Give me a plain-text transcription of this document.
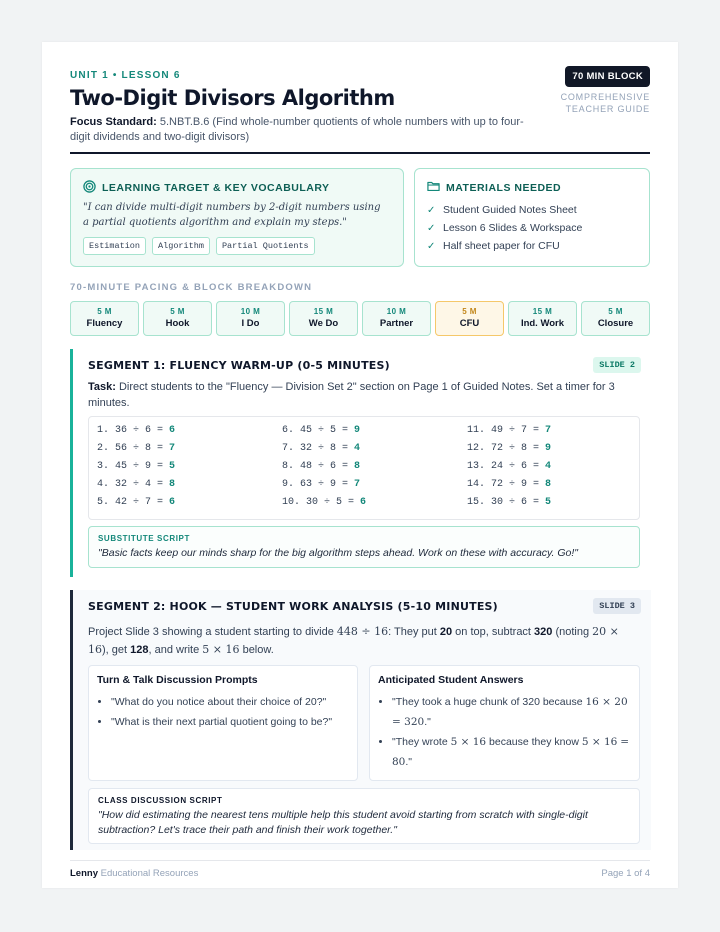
UNIT 1 • LESSON 6
Two-Digit Divisors Algorithm
Focus Standard: 5.NBT.B.6 (Find whole-number quotients of whole numbers with up to four-digit dividends and two-digit divisors)
70 MIN BLOCK
COMPREHENSIVE
TEACHER GUIDE
LEARNING TARGET & KEY VOCABULARY
"I can divide multi-digit numbers by 2-digit numbers using a partial quotients algorithm and explain my steps."
Estimation	Algorithm	Partial Quotients
MATERIALS NEEDED
✓ Student Guided Notes Sheet
✓ Lesson 6 Slides & Workspace
✓ Half sheet paper for CFU
70-MINUTE PACING & BLOCK BREAKDOWN
5 M
Fluency
5 M
Hook
10 M
I Do
15 M
We Do
10 M
Partner
5 M
CFU
15 M
Ind. Work
5 M
Closure
SEGMENT 1: FLUENCY WARM-UP (0-5 MINUTES)	SLIDE 2
Task: Direct students to the "Fluency — Division Set 2" section on Page 1 of Guided Notes. Set a timer for 3 minutes.
1. 36 ÷ 6 = 6
2. 56 ÷ 8 = 7
3. 45 ÷ 9 = 5
4. 32 ÷ 4 = 8
5. 42 ÷ 7 = 6
6. 45 ÷ 5 = 9
7. 32 ÷ 8 = 4
8. 48 ÷ 6 = 8
9. 63 ÷ 9 = 7
10. 30 ÷ 5 = 6
11. 49 ÷ 7 = 7
12. 72 ÷ 8 = 9
13. 24 ÷ 6 = 4
14. 72 ÷ 9 = 8
15. 30 ÷ 6 = 5
SUBSTITUTE SCRIPT
"Basic facts keep our minds sharp for the big algorithm steps ahead. Work on these with accuracy. Go!"
SEGMENT 2: HOOK — STUDENT WORK ANALYSIS (5-10 MINUTES)	SLIDE 3
Project Slide 3 showing a student starting to divide 448 ÷ 16: They put 20 on top, subtract 320 (noting 20 × 16), get 128, and write 5 × 16 below.
Turn & Talk Discussion Prompts
• "What do you notice about their choice of 20?"
• "What is their next partial quotient going to be?"
Anticipated Student Answers
• "They took a huge chunk of 320 because 16 × 20 = 320."
• "They wrote 5 × 16 because they know 5 × 16 = 80."
CLASS DISCUSSION SCRIPT
"How did estimating the nearest tens multiple help this student avoid starting from scratch with single-digit subtraction? Let's trace their path and finish their work together."
Lenny Educational Resources	Page 1 of 4
